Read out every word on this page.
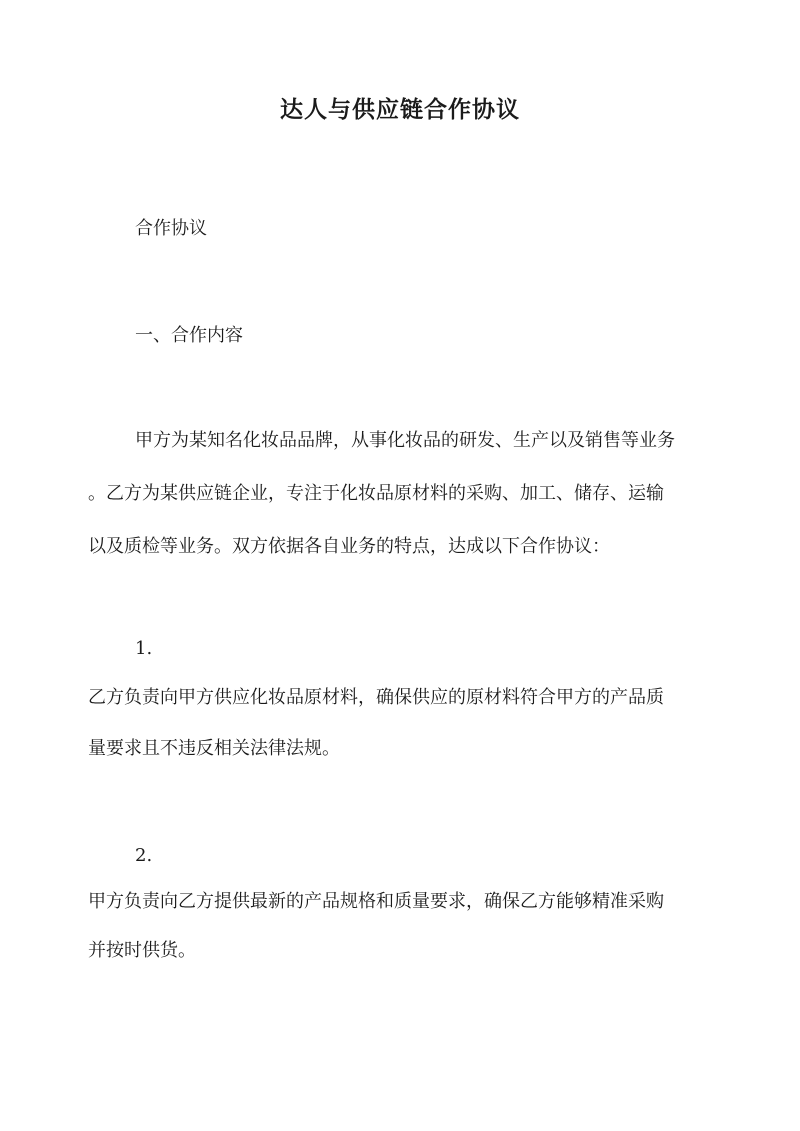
达人与供应链合作协议
合作协议
一、合作内容
甲方为某知名化妆品品牌，从事化妆品的研发、生产以及销售等业务
。乙方为某供应链企业，专注于化妆品原材料的采购、加工、储存、运输
以及质检等业务。双方依据各自业务的特点，达成以下合作协议：
1.
乙方负责向甲方供应化妆品原材料，确保供应的原材料符合甲方的产品质
量要求且不违反相关法律法规。
2.
甲方负责向乙方提供最新的产品规格和质量要求，确保乙方能够精准采购
并按时供货。
